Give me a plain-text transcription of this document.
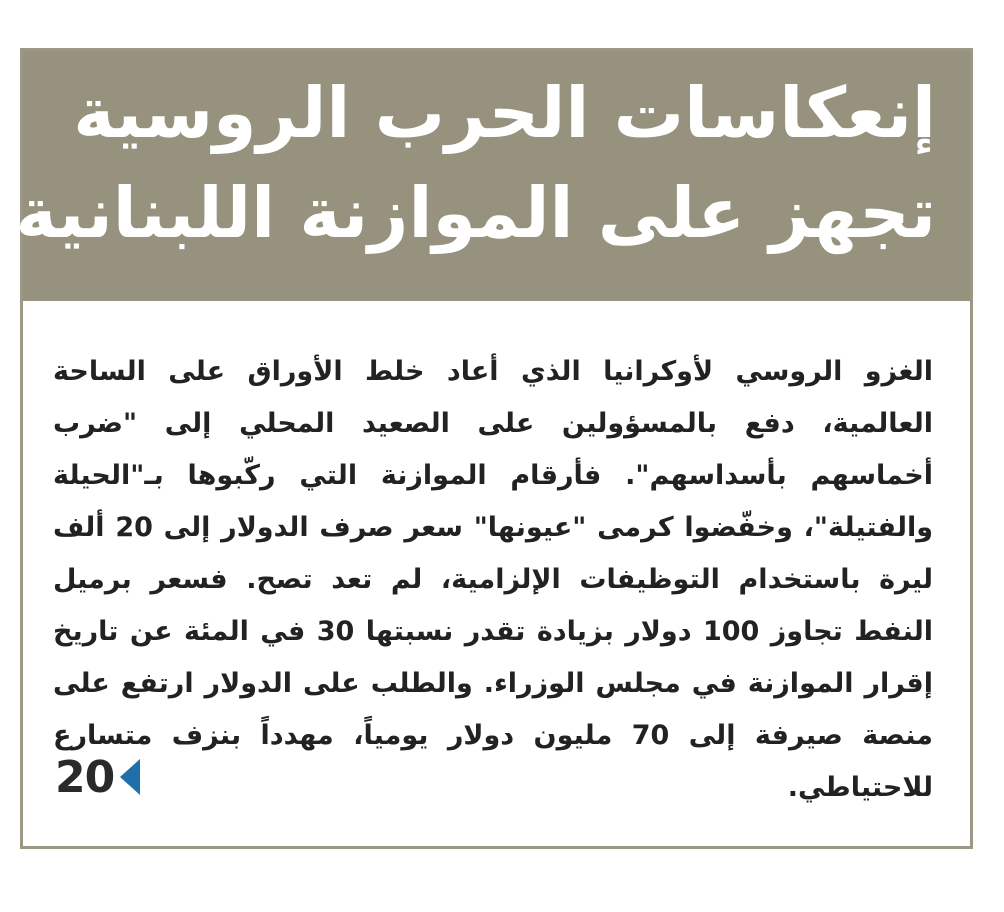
إنعكاسات الحرب الروسية
تجهز على الموازنة اللبنانية
الغزو الروسي لأوكرانيا الذي أعاد خلط الأوراق على الساحة العالمية، دفع بالمسؤولين على الصعيد المحلي إلى "ضرب أخماسهم بأسداسهم". فأرقام الموازنة التي ركّبوها بـ"الحيلة والفتيلة"، وخفّضوا كرمى "عيونها" سعر صرف الدولار إلى 20 ألف ليرة باستخدام التوظيفات الإلزامية، لم تعد تصح. فسعر برميل النفط تجاوز 100 دولار بزيادة تقدر نسبتها 30 في المئة عن تاريخ إقرار الموازنة في مجلس الوزراء. والطلب على الدولار ارتفع على منصة صيرفة إلى 70 مليون دولار يومياً، مهدداً بنزف متسارع للاحتياطي.
20
